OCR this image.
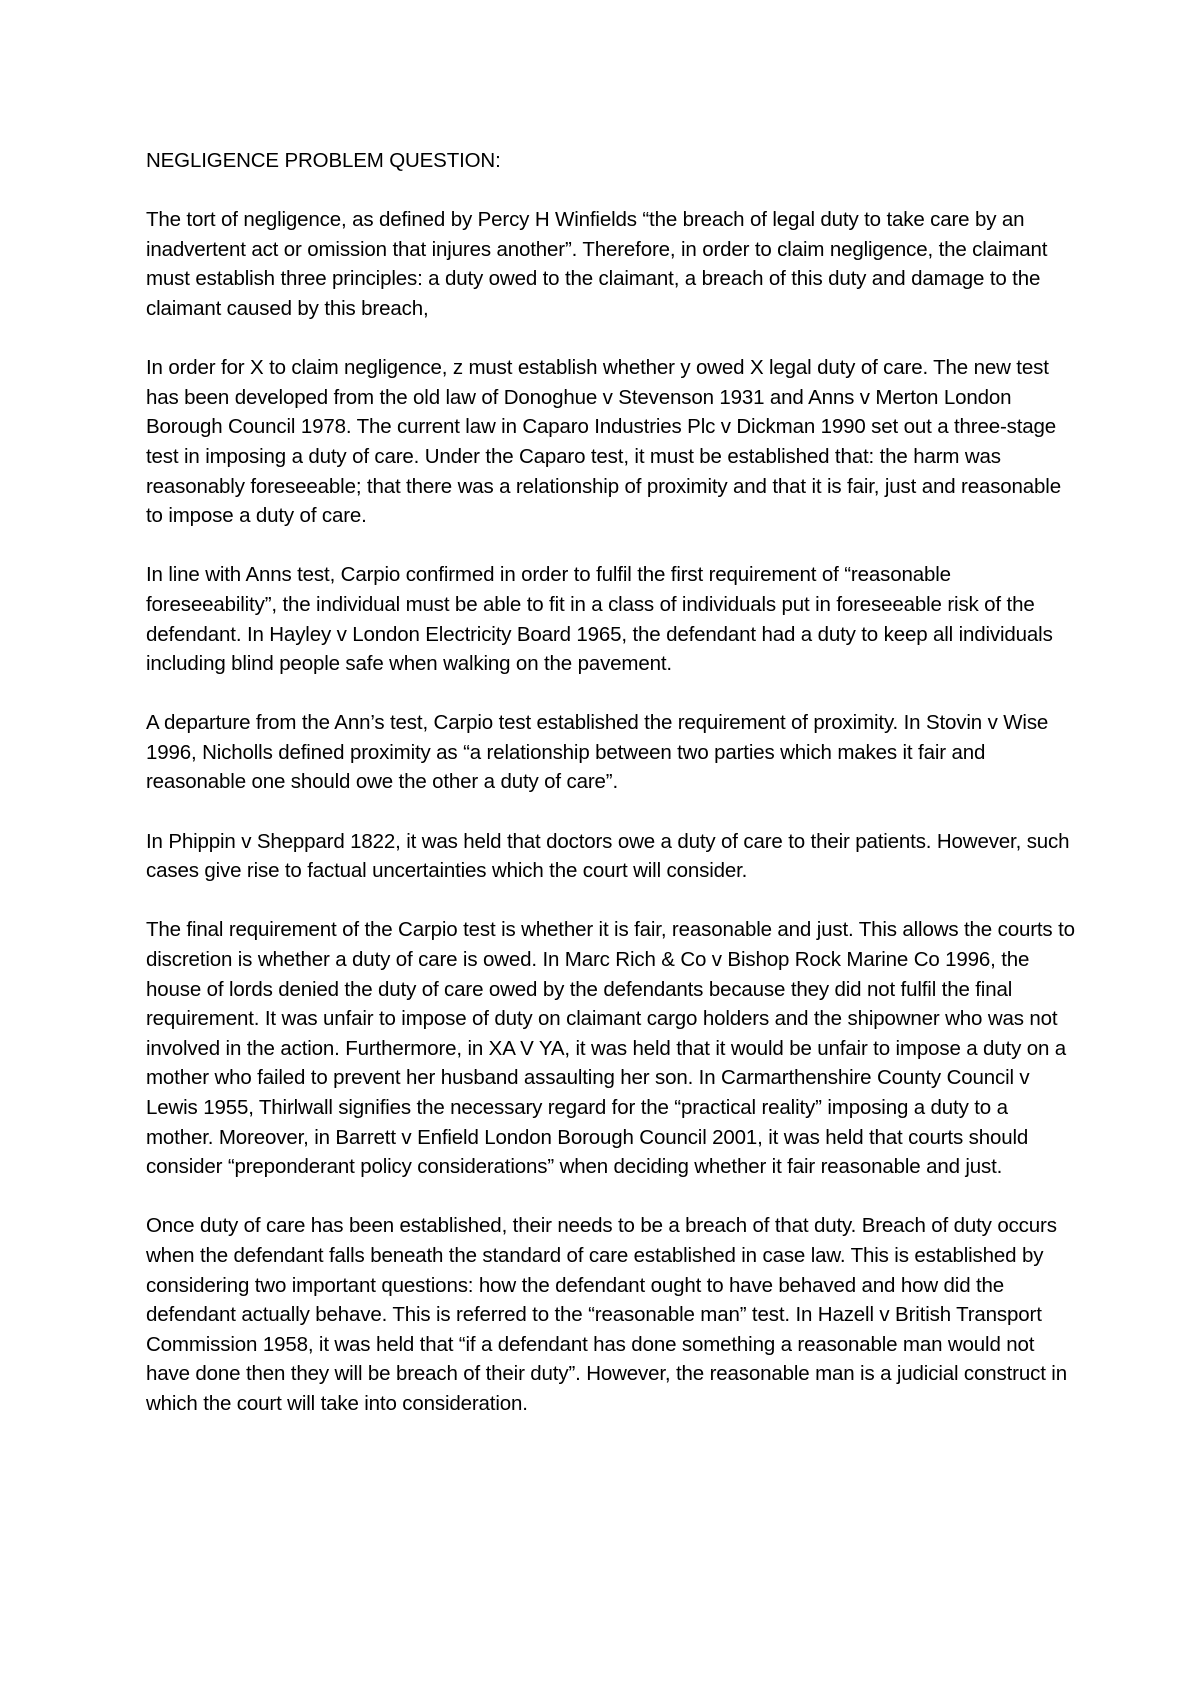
NEGLIGENCE PROBLEM QUESTION:

The tort of negligence, as defined by Percy H Winfields “the breach of legal duty to take care by an inadvertent act or omission that injures another”. Therefore, in order to claim negligence, the claimant must establish three principles: a duty owed to the claimant, a breach of this duty and damage to the claimant caused by this breach,

In order for X to claim negligence, z must establish whether y owed X legal duty of care. The new test has been developed from the old law of Donoghue v Stevenson 1931 and Anns v Merton London Borough Council 1978. The current law in Caparo Industries Plc v Dickman 1990 set out a three-stage test in imposing a duty of care. Under the Caparo test, it must be established that: the harm was reasonably foreseeable; that there was a relationship of proximity and that it is fair, just and reasonable to impose a duty of care.

In line with Anns test, Carpio confirmed in order to fulfil the first requirement of “reasonable foreseeability”, the individual must be able to fit in a class of individuals put in foreseeable risk of the defendant. In Hayley v London Electricity Board 1965, the defendant had a duty to keep all individuals including blind people safe when walking on the pavement.

A departure from the Ann’s test, Carpio test established the requirement of proximity. In Stovin v Wise 1996, Nicholls defined proximity as “a relationship between two parties which makes it fair and reasonable one should owe the other a duty of care”.

In Phippin v Sheppard 1822, it was held that doctors owe a duty of care to their patients. However, such cases give rise to factual uncertainties which the court will consider.

The final requirement of the Carpio test is whether it is fair, reasonable and just. This allows the courts to discretion is whether a duty of care is owed. In Marc Rich & Co v Bishop Rock Marine Co 1996, the house of lords denied the duty of care owed by the defendants because they did not fulfil the final requirement. It was unfair to impose of duty on claimant cargo holders and the shipowner who was not involved in the action. Furthermore, in XA V YA, it was held that it would be unfair to impose a duty on a mother who failed to prevent her husband assaulting her son. In Carmarthenshire County Council v Lewis 1955, Thirlwall signifies the necessary regard for the “practical reality” imposing a duty to a mother. Moreover, in Barrett v Enfield London Borough Council 2001, it was held that courts should consider “preponderant policy considerations” when deciding whether it fair reasonable and just.

Once duty of care has been established, their needs to be a breach of that duty. Breach of duty occurs when the defendant falls beneath the standard of care established in case law. This is established by considering two important questions: how the defendant ought to have behaved and how did the defendant actually behave. This is referred to the “reasonable man” test. In Hazell v British Transport Commission 1958, it was held that “if a defendant has done something a reasonable man would not have done then they will be breach of their duty”. However, the reasonable man is a judicial construct in which the court will take into consideration.
